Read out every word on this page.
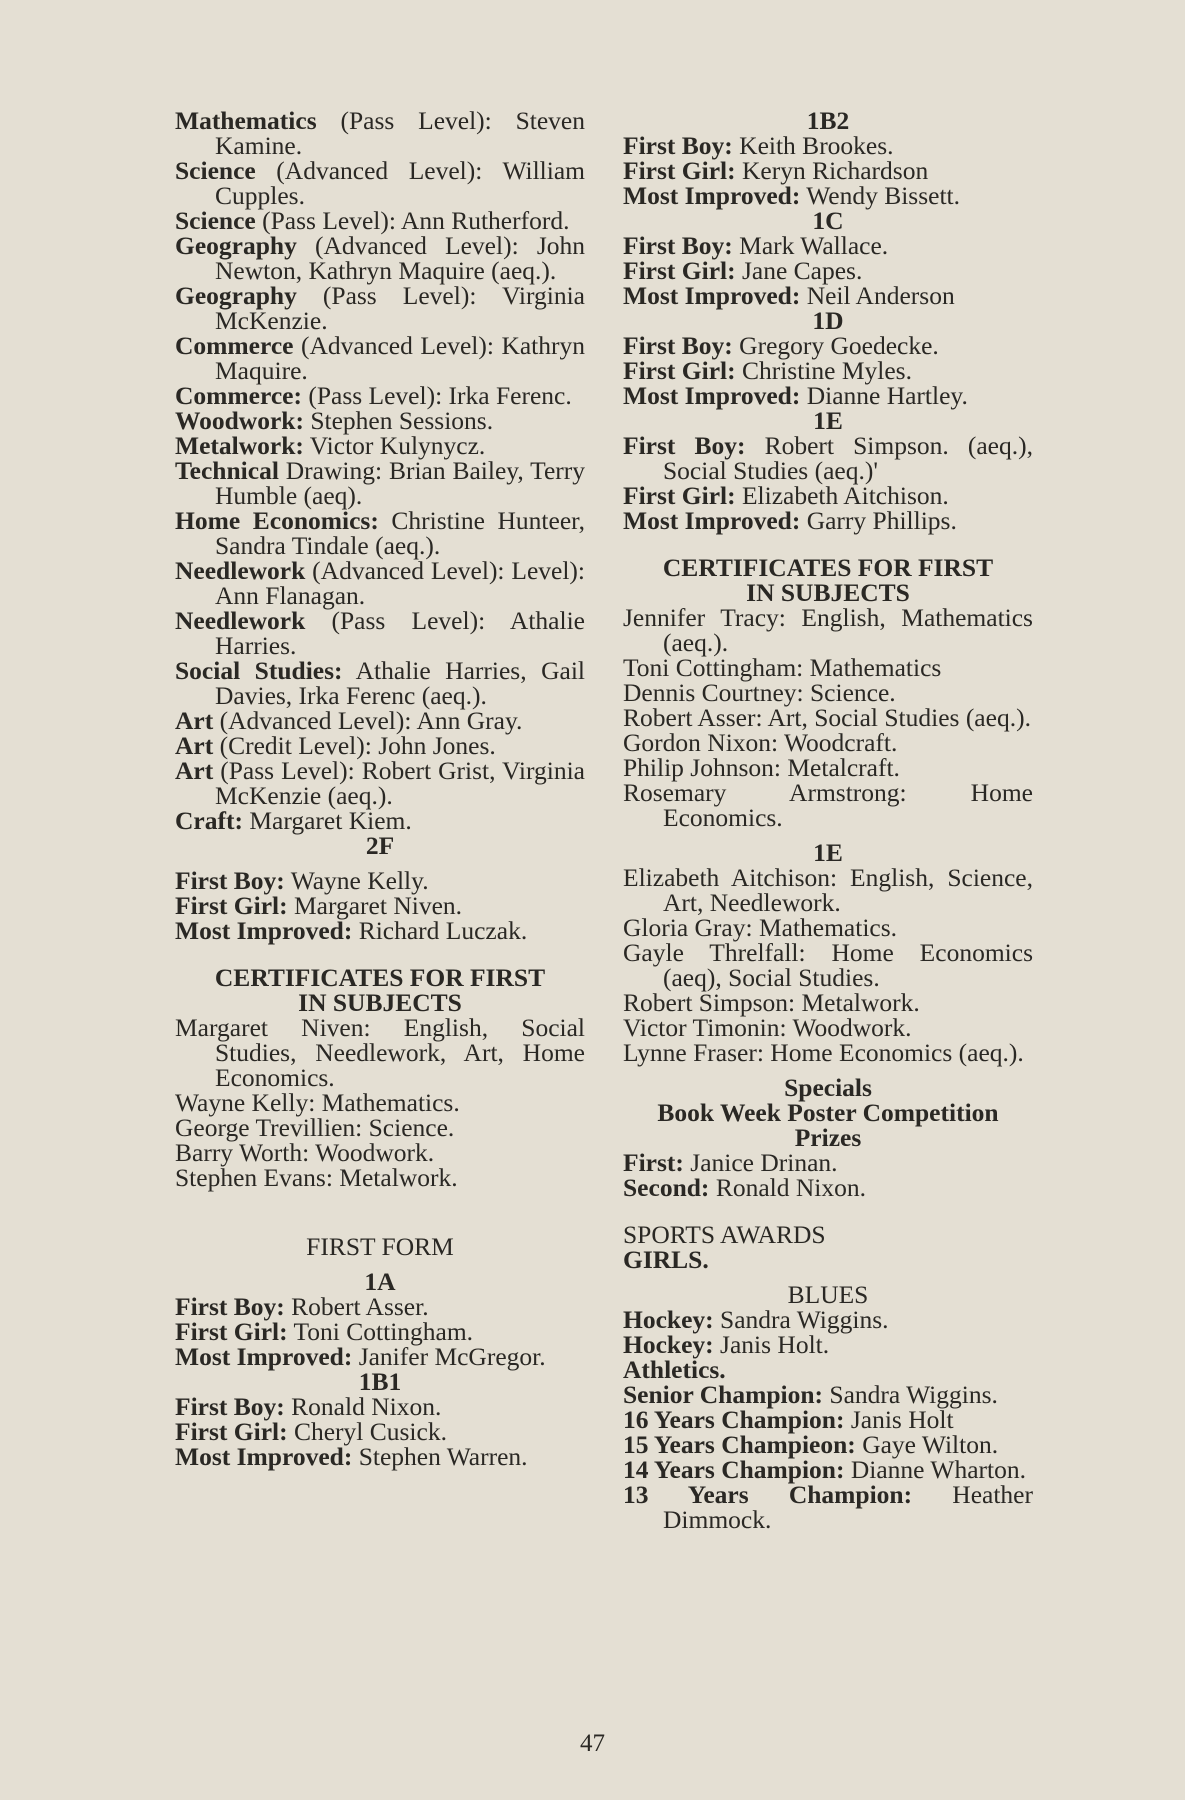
Mathematics (Pass Level): Steven Kamine.
Science (Advanced Level): William Cupples.
Science (Pass Level): Ann Rutherford.
Geography (Advanced Level): John Newton, Kathryn Maquire (aeq.).
Geography (Pass Level): Virginia McKenzie.
Commerce (Advanced Level): Kathryn Maquire.
Commerce: (Pass Level): Irka Ferenc.
Woodwork: Stephen Sessions.
Metalwork: Victor Kulynycz.
Technical Drawing: Brian Bailey, Terry Humble (aeq).
Home Economics: Christine Hunteer, Sandra Tindale (aeq.).
Needlework (Advanced Level): Level): Ann Flanagan.
Needlework (Pass Level): Athalie Harries.
Social Studies: Athalie Harries, Gail Davies, Irka Ferenc (aeq.).
Art (Advanced Level): Ann Gray.
Art (Credit Level): John Jones.
Art (Pass Level): Robert Grist, Virginia McKenzie (aeq.).
Craft: Margaret Kiem.
2F
First Boy: Wayne Kelly.
First Girl: Margaret Niven.
Most Improved: Richard Luczak.
CERTIFICATES FOR FIRST
IN SUBJECTS
Margaret Niven: English, Social Studies, Needlework, Art, Home Economics.
Wayne Kelly: Mathematics.
George Trevillien: Science.
Barry Worth: Woodwork.
Stephen Evans: Metalwork.
FIRST FORM
1A
First Boy: Robert Asser.
First Girl: Toni Cottingham.
Most Improved: Janifer McGregor.
1B1
First Boy: Ronald Nixon.
First Girl: Cheryl Cusick.
Most Improved: Stephen Warren.
1B2
First Boy: Keith Brookes.
First Girl: Keryn Richardson
Most Improved: Wendy Bissett.
1C
First Boy: Mark Wallace.
First Girl: Jane Capes.
Most Improved: Neil Anderson
1D
First Boy: Gregory Goedecke.
First Girl: Christine Myles.
Most Improved: Dianne Hartley.
1E
First Boy: Robert Simpson. (aeq.), Social Studies (aeq.)'
First Girl: Elizabeth Aitchison.
Most Improved: Garry Phillips.
CERTIFICATES FOR FIRST
IN SUBJECTS
Jennifer Tracy: English, Mathematics (aeq.).
Toni Cottingham: Mathematics
Dennis Courtney: Science.
Robert Asser: Art, Social Studies (aeq.).
Gordon Nixon: Woodcraft.
Philip Johnson: Metalcraft.
Rosemary Armstrong: Home Economics.
1E
Elizabeth Aitchison: English, Science, Art, Needlework.
Gloria Gray: Mathematics.
Gayle Threlfall: Home Economics (aeq), Social Studies.
Robert Simpson: Metalwork.
Victor Timonin: Woodwork.
Lynne Fraser: Home Economics (aeq.).
Specials
Book Week Poster Competition
Prizes
First: Janice Drinan.
Second: Ronald Nixon.
SPORTS AWARDS
GIRLS.
BLUES
Hockey: Sandra Wiggins.
Hockey: Janis Holt.
Athletics.
Senior Champion: Sandra Wiggins.
16 Years Champion: Janis Holt
15 Years Champieon: Gaye Wilton.
14 Years Champion: Dianne Wharton.
13 Years Champion: Heather Dimmock.
47
